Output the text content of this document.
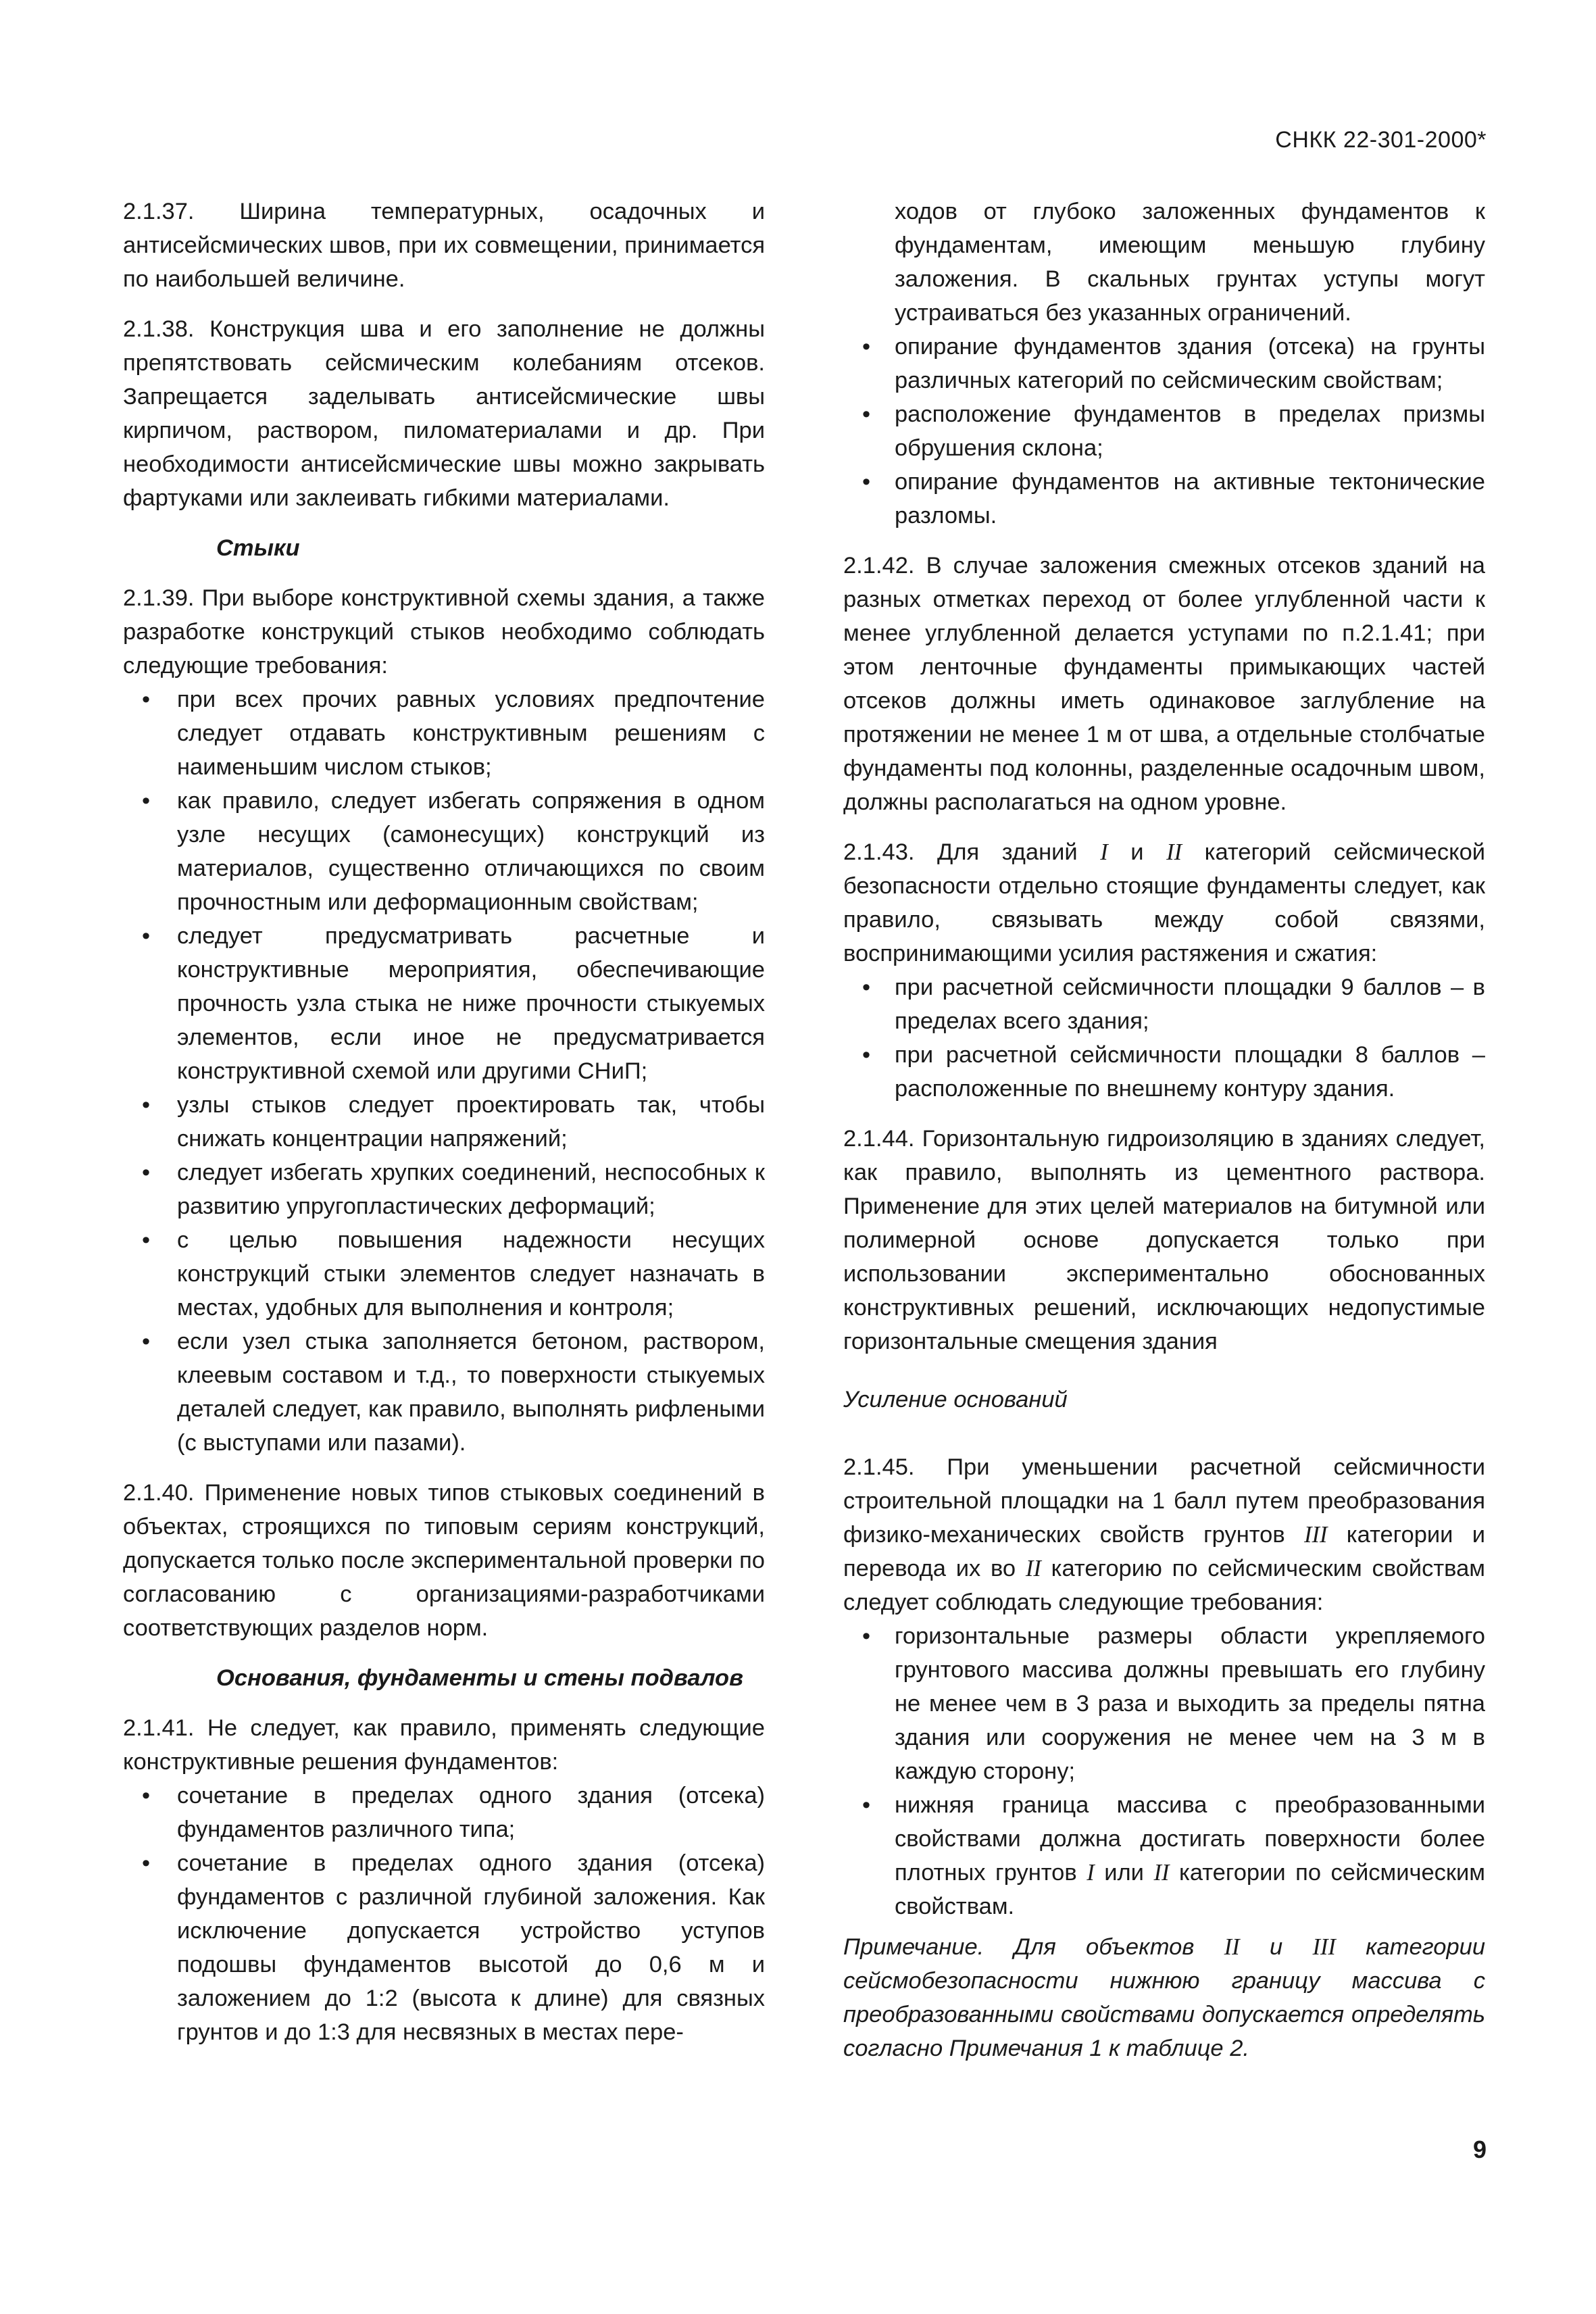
СНКК 22-301-2000*

2.1.37. Ширина температурных, осадочных и антисейсмических швов, при их совмещении, принимается по наибольшей величине.

2.1.38. Конструкция шва и его заполнение не должны препятствовать сейсмическим колебаниям отсеков. Запрещается заделывать антисейсмические швы кирпичом, раствором, пиломатериалами и др. При необходимости антисейсмические швы можно закрывать фартуками или заклеивать гибкими материалами.

Стыки

2.1.39. При выборе конструктивной схемы здания, а также разработке конструкций стыков необходимо соблюдать следующие требования:

• при всех прочих равных условиях предпочтение следует отдавать конструктивным решениям с наименьшим числом стыков;
• как правило, следует избегать сопряжения в одном узле несущих (самонесущих) конструкций из материалов, существенно отличающихся по своим прочностным или деформационным свойствам;
• следует предусматривать расчетные и конструктивные мероприятия, обеспечивающие прочность узла стыка не ниже прочности стыкуемых элементов, если иное не предусматривается конструктивной схемой или другими СНиП;
• узлы стыков следует проектировать так, чтобы снижать концентрации напряжений;
• следует избегать хрупких соединений, неспособных к развитию упругопластических деформаций;
• с целью повышения надежности несущих конструкций стыки элементов следует назначать в местах, удобных для выполнения и контроля;
• если узел стыка заполняется бетоном, раствором, клеевым составом и т.д., то поверхности стыкуемых деталей следует, как правило, выполнять рифлеными (с выступами или пазами).

2.1.40. Применение новых типов стыковых соединений в объектах, строящихся по типовым сериям конструкций, допускается только после экспериментальной проверки по согласованию с организациями-разработчиками соответствующих разделов норм.

Основания, фундаменты и стены подвалов

2.1.41. Не следует, как правило, применять следующие конструктивные решения фундаментов:

• сочетание в пределах одного здания (отсека) фундаментов различного типа;
• сочетание в пределах одного здания (отсека) фундаментов с различной глубиной заложения. Как исключение допускается устройство уступов подошвы фундаментов высотой до 0,6 м и заложением до 1:2 (высота к длине) для связных грунтов и до 1:3 для несвязных в местах пере-
ходов от глубоко заложенных фундаментов к фундаментам, имеющим меньшую глубину заложения. В скальных грунтах уступы могут устраиваться без указанных ограничений.
• опирание фундаментов здания (отсека) на грунты различных категорий по сейсмическим свойствам;
• расположение фундаментов в пределах призмы обрушения склона;
• опирание фундаментов на активные тектонические разломы.

2.1.42. В случае заложения смежных отсеков зданий на разных отметках переход от более углубленной части к менее углубленной делается уступами по п.2.1.41; при этом ленточные фундаменты примыкающих частей отсеков должны иметь одинаковое заглубление на протяжении не менее 1 м от шва, а отдельные столбчатые фундаменты под колонны, разделенные осадочным швом, должны располагаться на одном уровне.

2.1.43. Для зданий I и II категорий сейсмической безопасности отдельно стоящие фундаменты следует, как правило, связывать между собой связями, воспринимающими усилия растяжения и сжатия:

• при расчетной сейсмичности площадки 9 баллов – в пределах всего здания;
• при расчетной сейсмичности площадки 8 баллов – расположенные по внешнему контуру здания.

2.1.44. Горизонтальную гидроизоляцию в зданиях следует, как правило, выполнять из цементного раствора. Применение для этих целей материалов на битумной или полимерной основе допускается только при использовании экспериментально обоснованных конструктивных решений, исключающих недопустимые горизонтальные смещения здания

Усиление оснований

2.1.45. При уменьшении расчетной сейсмичности строительной площадки на 1 балл путем преобразования физико-механических свойств грунтов III категории и перевода их во II категорию по сейсмическим свойствам следует соблюдать следующие требования:

• горизонтальные размеры области укрепляемого грунтового массива должны превышать его глубину не менее чем в 3 раза и выходить за пределы пятна здания или сооружения не менее чем на 3 м в каждую сторону;
• нижняя граница массива с преобразованными свойствами должна достигать поверхности более плотных грунтов I или II категории по сейсмическим свойствам.

Примечание. Для объектов II и III категории сейсмобезопасности нижнюю границу массива с преобразованными свойствами допускается определять согласно Примечания 1 к таблице 2.

9
